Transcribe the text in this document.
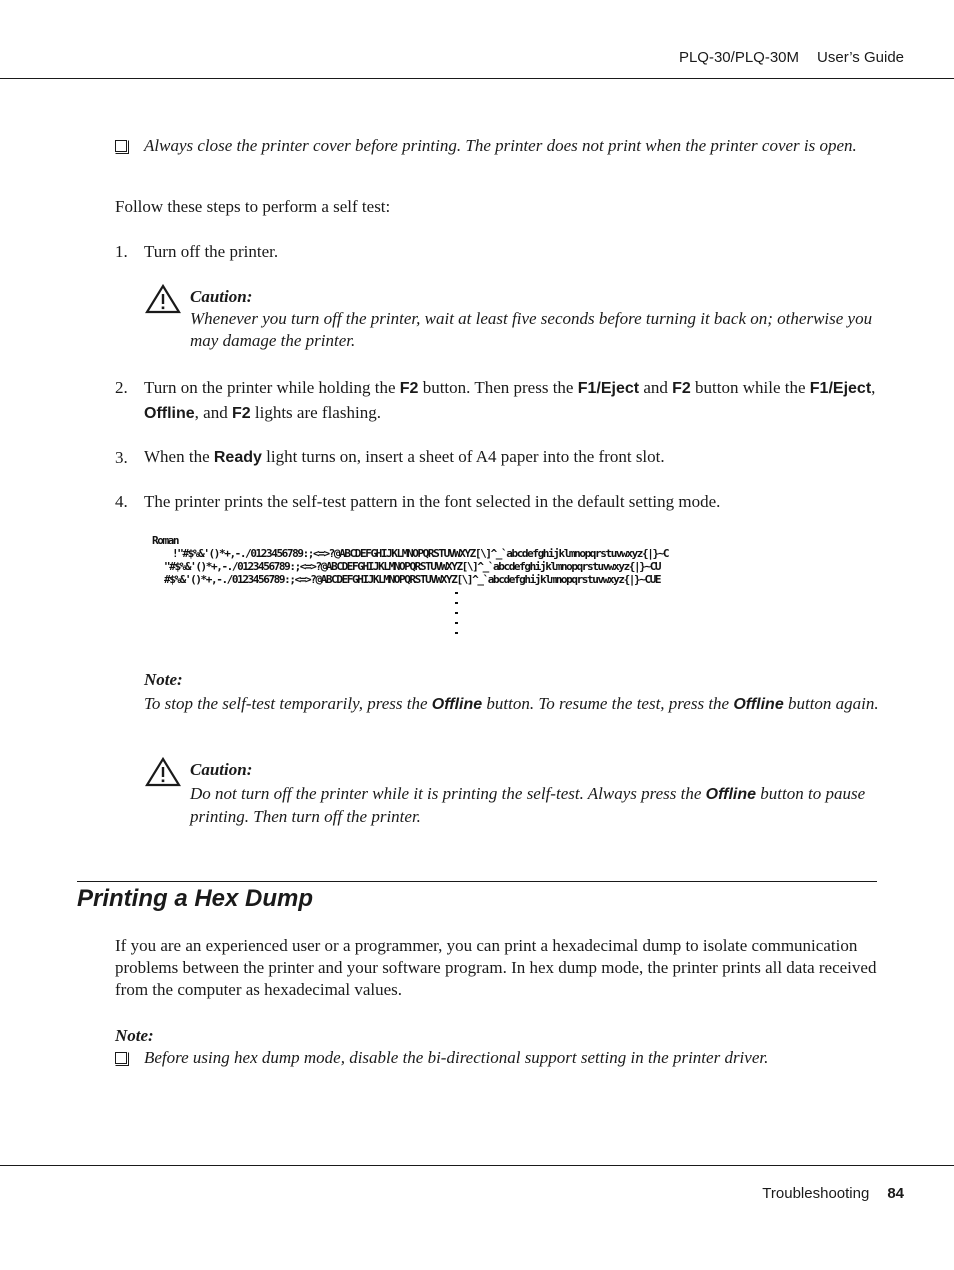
PLQ-30/PLQ-30M User’s Guide
Always close the printer cover before printing. The printer does not print when the printer cover is open.
Follow these steps to perform a self test:
1. Turn off the printer.
Caution:
Whenever you turn off the printer, wait at least five seconds before turning it back on; otherwise you may damage the printer.
2. Turn on the printer while holding the F2 button. Then press the F1/Eject and F2 button while the F1/Eject, Offline, and F2 lights are flashing.
3. When the Ready light turns on, insert a sheet of A4 paper into the front slot.
4. The printer prints the self-test pattern in the font selected in the default setting mode.
Roman
!"#$%&'()*+,-./0123456789:;<=>?@ABCDEFGHIJKLMNOPQRSTUVWXYZ[\]^_`abcdefghijklmnopqrstuvwxyz{|}~C
"#$%&'()*+,-./0123456789:;<=>?@ABCDEFGHIJKLMNOPQRSTUVWXYZ[\]^_`abcdefghijklmnopqrstuvwxyz{|}~CU
#$%&'()*+,-./0123456789:;<=>?@ABCDEFGHIJKLMNOPQRSTUVWXYZ[\]^_`abcdefghijklmnopqrstuvwxyz{|}~CUE
Note:
To stop the self-test temporarily, press the Offline button. To resume the test, press the Offline button again.
Caution:
Do not turn off the printer while it is printing the self-test. Always press the Offline button to pause printing. Then turn off the printer.
Printing a Hex Dump
If you are an experienced user or a programmer, you can print a hexadecimal dump to isolate communication problems between the printer and your software program. In hex dump mode, the printer prints all data received from the computer as hexadecimal values.
Note:
Before using hex dump mode, disable the bi-directional support setting in the printer driver.
Troubleshooting 84
